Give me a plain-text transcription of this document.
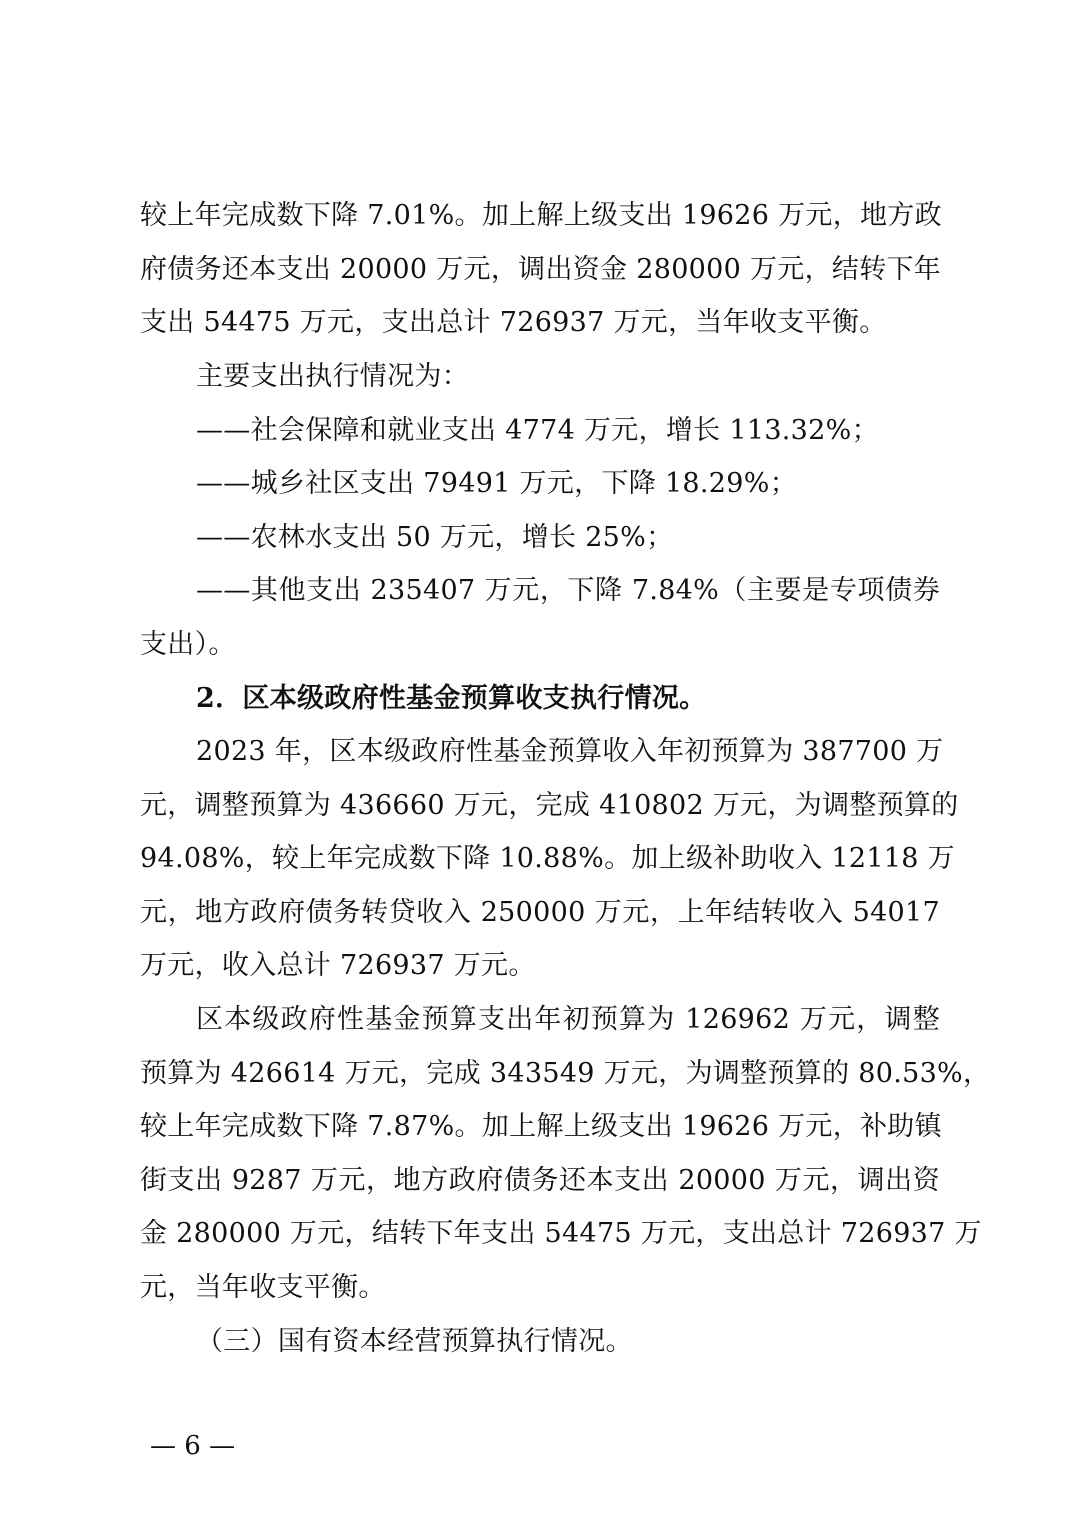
较上年完成数下降 7.01%。加上解上级支出 19626 万元，地方政
府债务还本支出 20000 万元，调出资金 280000 万元，结转下年
支出 54475 万元，支出总计 726937 万元，当年收支平衡。
主要支出执行情况为：
——社会保障和就业支出 4774 万元，增长 113.32%；
——城乡社区支出 79491 万元，下降 18.29%；
——农林水支出 50 万元，增长 25%；
——其他支出 235407 万元，下降 7.84%（主要是专项债券
支出）。
2．区本级政府性基金预算收支执行情况。
2023 年，区本级政府性基金预算收入年初预算为 387700 万
元，调整预算为 436660 万元，完成 410802 万元，为调整预算的
94.08%，较上年完成数下降 10.88%。加上级补助收入 12118 万
元，地方政府债务转贷收入 250000 万元，上年结转收入 54017
万元，收入总计 726937 万元。
区本级政府性基金预算支出年初预算为 126962 万元，调整
预算为 426614 万元，完成 343549 万元，为调整预算的 80.53%，
较上年完成数下降 7.87%。加上解上级支出 19626 万元，补助镇
街支出 9287 万元，地方政府债务还本支出 20000 万元，调出资
金 280000 万元，结转下年支出 54475 万元，支出总计 726937 万
元，当年收支平衡。
（三）国有资本经营预算执行情况。
— 6 —
